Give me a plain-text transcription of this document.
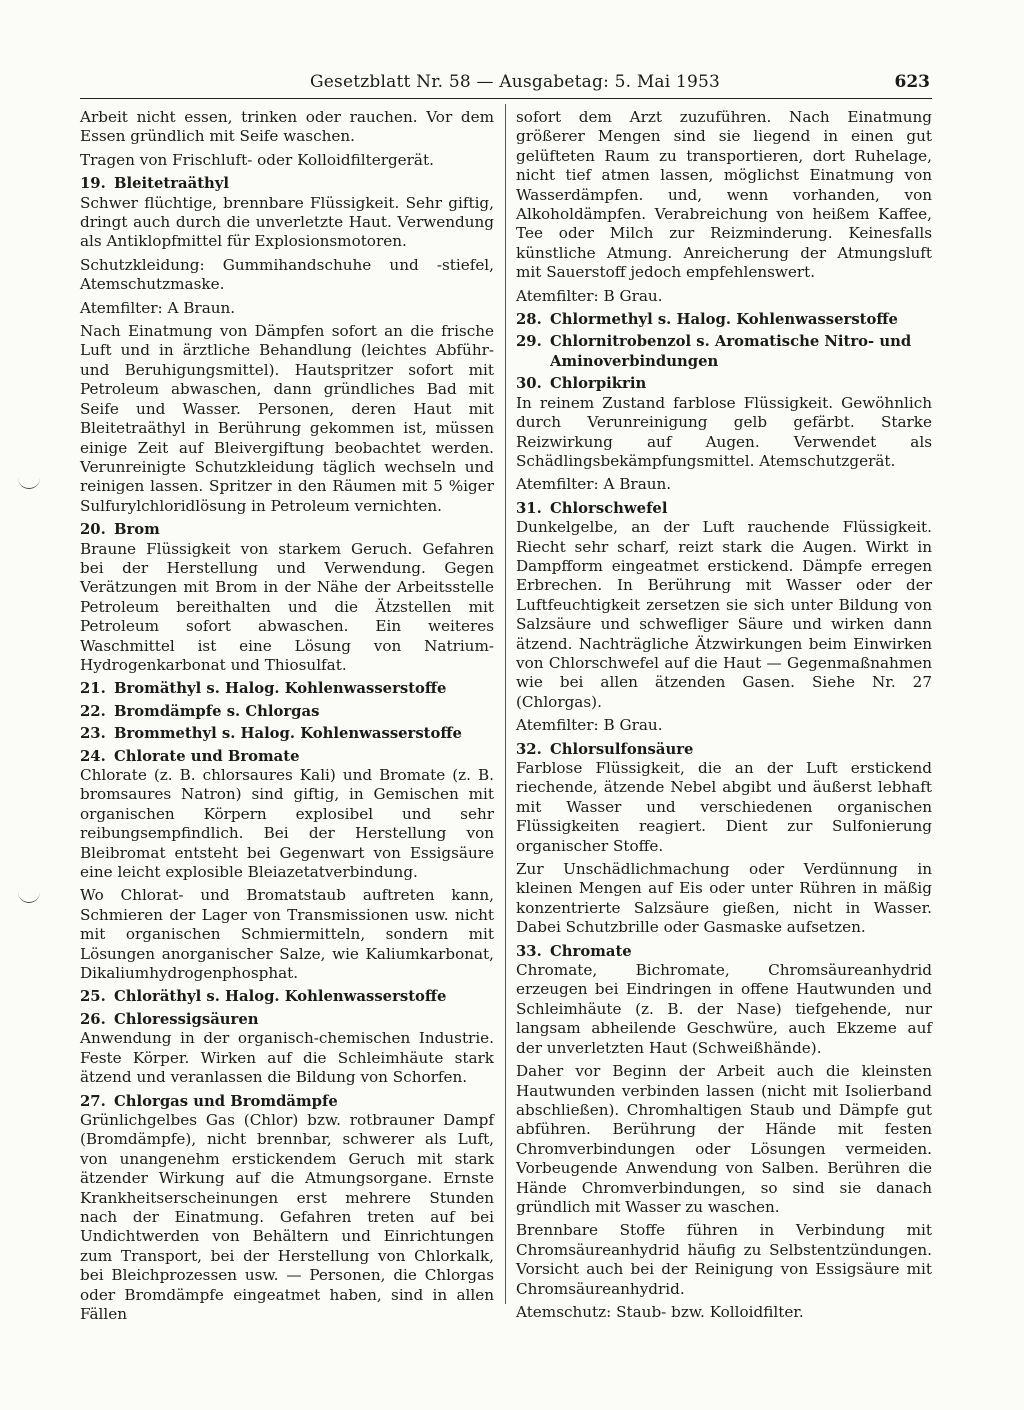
Gesetzblatt Nr. 58 — Ausgabetag: 5. Mai 1953	623
Arbeit nicht essen, trinken oder rauchen. Vor dem Essen gründlich mit Seife waschen.
Tragen von Frischluft- oder Kolloidfiltergerät.
19. Bleitetraäthyl
Schwer flüchtige, brennbare Flüssigkeit. Sehr giftig, dringt auch durch die unverletzte Haut. Verwendung als Antiklopfmittel für Explosionsmotoren.
Schutzkleidung: Gummihandschuhe und -stiefel, Atemschutzmaske.
Atemfilter: A Braun.
Nach Einatmung von Dämpfen sofort an die frische Luft und in ärztliche Behandlung (leichtes Abführ- und Beruhigungsmittel). Hautspritzer sofort mit Petroleum abwaschen, dann gründliches Bad mit Seife und Wasser. Personen, deren Haut mit Bleitetraäthyl in Berührung gekommen ist, müssen einige Zeit auf Bleivergiftung beobachtet werden. Verunreinigte Schutzkleidung täglich wechseln und reinigen lassen. Spritzer in den Räumen mit 5 %iger Sulfurylchloridlösung in Petroleum vernichten.
20. Brom
Braune Flüssigkeit von starkem Geruch. Gefahren bei der Herstellung und Verwendung. Gegen Verätzungen mit Brom in der Nähe der Arbeitsstelle Petroleum bereithalten und die Ätzstellen mit Petroleum sofort abwaschen. Ein weiteres Waschmittel ist eine Lösung von Natrium-Hydrogenkarbonat und Thiosulfat.
21. Bromäthyl s. Halog. Kohlenwasserstoffe
22. Bromdämpfe s. Chlorgas
23. Brommethyl s. Halog. Kohlenwasserstoffe
24. Chlorate und Bromate
Chlorate (z. B. chlorsaures Kali) und Bromate (z. B. bromsaures Natron) sind giftig, in Gemischen mit organischen Körpern explosibel und sehr reibungsempfindlich. Bei der Herstellung von Bleibromat entsteht bei Gegenwart von Essigsäure eine leicht explosible Bleiazetatverbindung.
Wo Chlorat- und Bromatstaub auftreten kann, Schmieren der Lager von Transmissionen usw. nicht mit organischen Schmiermitteln, sondern mit Lösungen anorganischer Salze, wie Kaliumkarbonat, Dikaliumhydrogenphosphat.
25. Chloräthyl s. Halog. Kohlenwasserstoffe
26. Chloressigsäuren
Anwendung in der organisch-chemischen Industrie. Feste Körper. Wirken auf die Schleimhäute stark ätzend und veranlassen die Bildung von Schorfen.
27. Chlorgas und Bromdämpfe
Grünlichgelbes Gas (Chlor) bzw. rotbrauner Dampf (Bromdämpfe), nicht brennbar, schwerer als Luft, von unangenehm erstickendem Geruch mit stark ätzender Wirkung auf die Atmungsorgane. Ernste Krankheitserscheinungen erst mehrere Stunden nach der Einatmung. Gefahren treten auf bei Undichtwerden von Behältern und Einrichtungen zum Transport, bei der Herstellung von Chlorkalk, bei Bleichprozessen usw. — Personen, die Chlorgas oder Bromdämpfe eingeatmet haben, sind in allen Fällen
sofort dem Arzt zuzuführen. Nach Einatmung größerer Mengen sind sie liegend in einen gut gelüfteten Raum zu transportieren, dort Ruhelage, nicht tief atmen lassen, möglichst Einatmung von Wasserdämpfen. und, wenn vorhanden, von Alkoholdämpfen. Verabreichung von heißem Kaffee, Tee oder Milch zur Reizminderung. Keinesfalls künstliche Atmung. Anreicherung der Atmungsluft mit Sauerstoff jedoch empfehlenswert.
Atemfilter: B Grau.
28. Chlormethyl s. Halog. Kohlenwasserstoffe
29. Chlornitrobenzol s. Aromatische Nitro- und
Aminoverbindungen
30. Chlorpikrin
In reinem Zustand farblose Flüssigkeit. Gewöhnlich durch Verunreinigung gelb gefärbt. Starke Reizwirkung auf Augen. Verwendet als Schädlingsbekämpfungsmittel. Atemschutzgerät.
Atemfilter: A Braun.
31. Chlorschwefel
Dunkelgelbe, an der Luft rauchende Flüssigkeit. Riecht sehr scharf, reizt stark die Augen. Wirkt in Dampfform eingeatmet erstickend. Dämpfe erregen Erbrechen. In Berührung mit Wasser oder der Luftfeuchtigkeit zersetzen sie sich unter Bildung von Salzsäure und schwefliger Säure und wirken dann ätzend. Nachträgliche Ätzwirkungen beim Einwirken von Chlorschwefel auf die Haut — Gegenmaßnahmen wie bei allen ätzenden Gasen. Siehe Nr. 27 (Chlorgas).
Atemfilter: B Grau.
32. Chlorsulfonsäure
Farblose Flüssigkeit, die an der Luft erstickend riechende, ätzende Nebel abgibt und äußerst lebhaft mit Wasser und verschiedenen organischen Flüssigkeiten reagiert. Dient zur Sulfonierung organischer Stoffe.
Zur Unschädlichmachung oder Verdünnung in kleinen Mengen auf Eis oder unter Rühren in mäßig konzentrierte Salzsäure gießen, nicht in Wasser. Dabei Schutzbrille oder Gasmaske aufsetzen.
33. Chromate
Chromate, Bichromate, Chromsäureanhydrid erzeugen bei Eindringen in offene Hautwunden und Schleimhäute (z. B. der Nase) tiefgehende, nur langsam abheilende Geschwüre, auch Ekzeme auf der unverletzten Haut (Schweißhände).
Daher vor Beginn der Arbeit auch die kleinsten Hautwunden verbinden lassen (nicht mit Isolierband abschließen). Chromhaltigen Staub und Dämpfe gut abführen. Berührung der Hände mit festen Chromverbindungen oder Lösungen vermeiden. Vorbeugende Anwendung von Salben. Berühren die Hände Chromverbindungen, so sind sie danach gründlich mit Wasser zu waschen.
Brennbare Stoffe führen in Verbindung mit Chromsäureanhydrid häufig zu Selbstentzündungen. Vorsicht auch bei der Reinigung von Essigsäure mit Chromsäureanhydrid.
Atemschutz: Staub- bzw. Kolloidfilter.
